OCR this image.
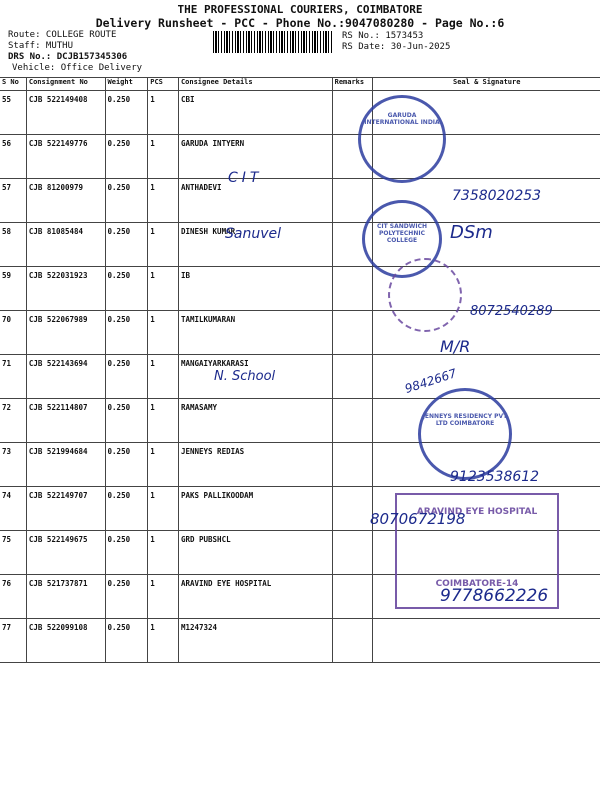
THE PROFESSIONAL COURIERS, COIMBATORE
Delivery Runsheet - PCC - Phone No.:9047080280 - Page No.:6
Route: COLLEGE ROUTE
Staff: MUTHU
DRS No.: DCJB157345306
RS No.: 1573453
RS Date: 30-Jun-2025
Vehicle: Office Delivery
S No	Consignment No	Weight	PCS	Consignee Details	Remarks	Seal & Signature
55	CJB 522149408	0.250	1	CBI		
56	CJB 522149776	0.250	1	GARUDA INTYERN		
57	CJB 81200979	0.250	1	ANTHADEVI		
58	CJB 81085484	0.250	1	DINESH KUMAR		
59	CJB 522031923	0.250	1	IB		
70	CJB 522067989	0.250	1	TAMILKUMARAN		
71	CJB 522143694	0.250	1	MANGAIYARKARASI		
72	CJB 522114807	0.250	1	RAMASAMY		
73	CJB 521994684	0.250	1	JENNEYS REDIAS		
74	CJB 522149707	0.250	1	PAKS PALLIKOODAM		
75	CJB 522149675	0.250	1	GRD PUBSHCL		
76	CJB 521737871	0.250	1	ARAVIND EYE HOSPITAL		
77	CJB 522099108	0.250	1	M1247324		
GARUDA INTERNATIONAL INDIA
CIT SANDWICH POLYTECHNIC COLLEGE
JENNEYS RESIDENCY PVT LTD COIMBATORE
ARAVIND EYE HOSPITAL
COIMBATORE-14
CIT
7358020253
Sanuvel	DSm
8072540289
M/R
N. School	9842667
9123538612
8070672198
9778662226
